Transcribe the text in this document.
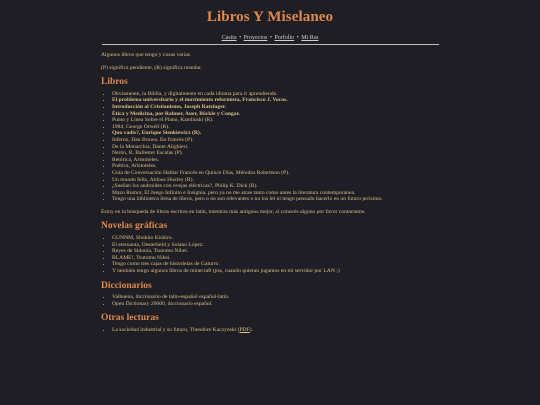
Libros Y Miselaneo
Casita • Proyectos • Porfolio • Mi Rss

Algunos libros que tengo y cosas varias.

(P) significa pendiente, (R) significa reandar.

Libros
• Obviamente, la Biblia, y digitalmente en cada idioma para ir aprendiendo.
• El problema universitario y el movimiento reformista, Francisco J. Vocos.
• Introducción al Cristianismo, Joseph Ratzinger.
• Ética y Medicina, por Rahner, Auer, Böckle y Congar.
• Punto y Línea Sobre el Plano, Kandinski (R).
• 1984, George Orwell (R).
• Quo vadis?, Enrique Sienkiewicz (R).
• Inferno, Dan Brown. En francés (P).
• De la Monarchia, Dante Alighieri.
• Nerón, R. Ballester Escalas (P).
• Retórica, Aristoteles.
• Poética, Aristoteles.
• Guía de Conversación Hablar Francés en Quince Días, Métodos Robertson (P).
• Un mundo feliz, Aldous Huxley (R).
• ¿Sueñan los androides con ovejas eléctricas?, Philip K. Dick (R).
• Mazo Rumor, El Juego Infinito e Insignia, pero ya no me atrae tanto como antes la literatura contemporanea.
• Tengo una biblioteca llena de libros, pero o no son relevantes o no los leí ni tengo pensado hacerlo en un futuro próximo.

Estoy en la búsqueda de libros escritos en latín, mientras más antiguos mejor, si conocés alguno por favor contactame.

Novelas gráficas
• GUNNM, Shukito Kishiro.
• El eternauta, Oesterheld y Solano López.
• Reyes de Sidonia, Tsutomu Nihei.
• BLAME!, Tsutomu Nihei.
• Tengo como tres cajas de historietas de Gaturro.
• Y también tengo algunos libros de minecraft (pss, cuando quieran jugamos en mi servidor por LAN ;)
Diccionarios
• Valbuena, diccionario de latín-español español-latín.
• Open Dictionary 20000, diccionario español.
Otras lecturas
• La sociedad industrial y su futuro, Theodore Kaczynski (PDF).
